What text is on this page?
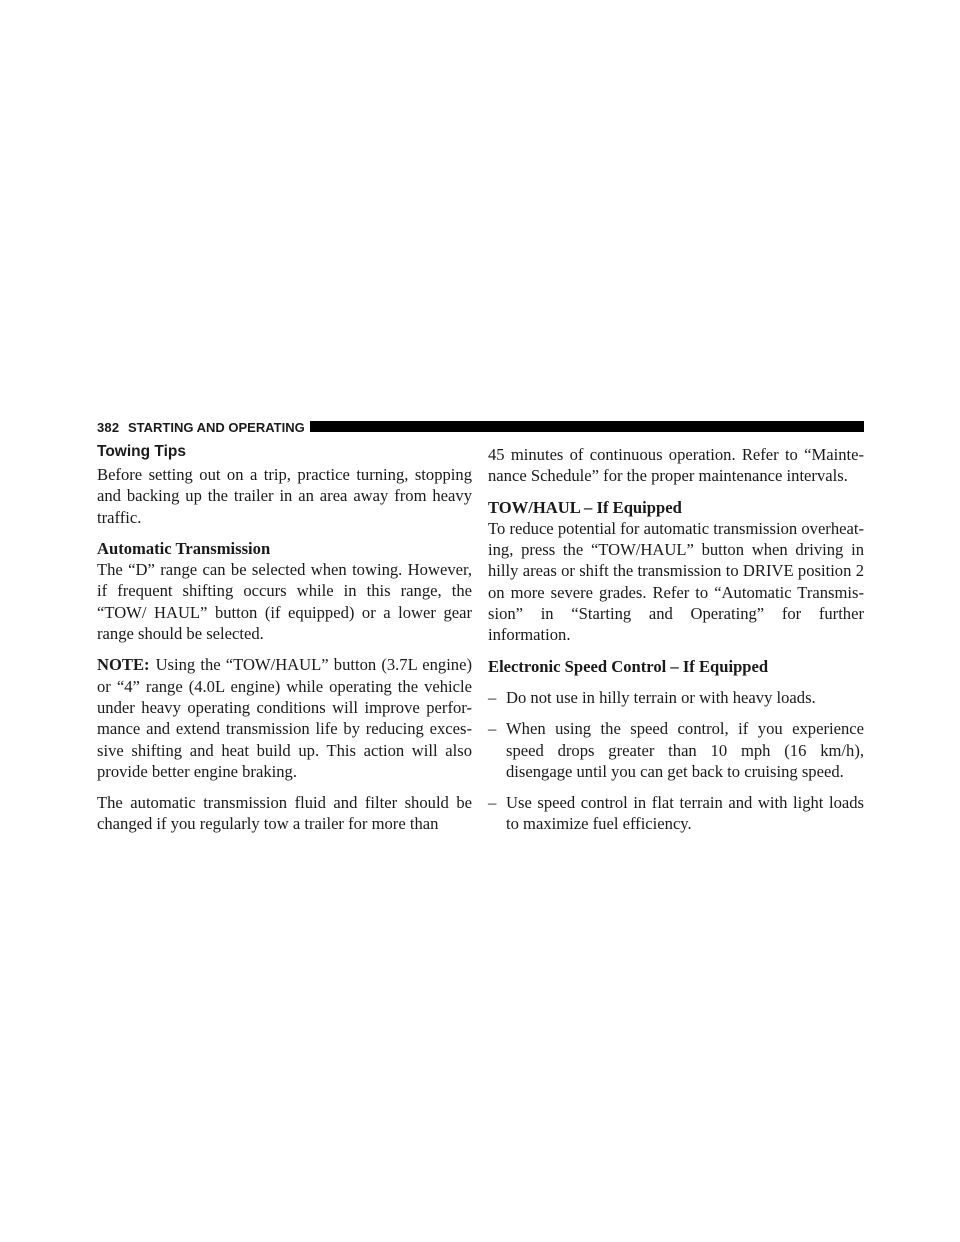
382 STARTING AND OPERATING
Towing Tips

Before setting out on a trip, practice turning, stopping and backing up the trailer in an area away from heavy traffic.

Automatic Transmission

The “D” range can be selected when towing. However, if frequent shifting occurs while in this range, the “TOW/ HAUL” button (if equipped) or a lower gear range should be selected.

NOTE: Using the “TOW/HAUL” button (3.7L engine) or “4” range (4.0L engine) while operating the vehicle under heavy operating conditions will improve perfor- mance and extend transmission life by reducing exces- sive shifting and heat build up. This action will also provide better engine braking.

The automatic transmission fluid and filter should be changed if you regularly tow a trailer for more than

45 minutes of continuous operation. Refer to “Mainte- nance Schedule” for the proper maintenance intervals.

TOW/HAUL – If Equipped

To reduce potential for automatic transmission overheat- ing, press the “TOW/HAUL” button when driving in hilly areas or shift the transmission to DRIVE position 2 on more severe grades. Refer to “Automatic Transmis- sion” in “Starting and Operating” for further information.

Electronic Speed Control – If Equipped
– Do not use in hilly terrain or with heavy loads.
– When using the speed control, if you experience speed drops greater than 10 mph (16 km/h), disengage until you can get back to cruising speed.
– Use speed control in flat terrain and with light loads to maximize fuel efficiency.
